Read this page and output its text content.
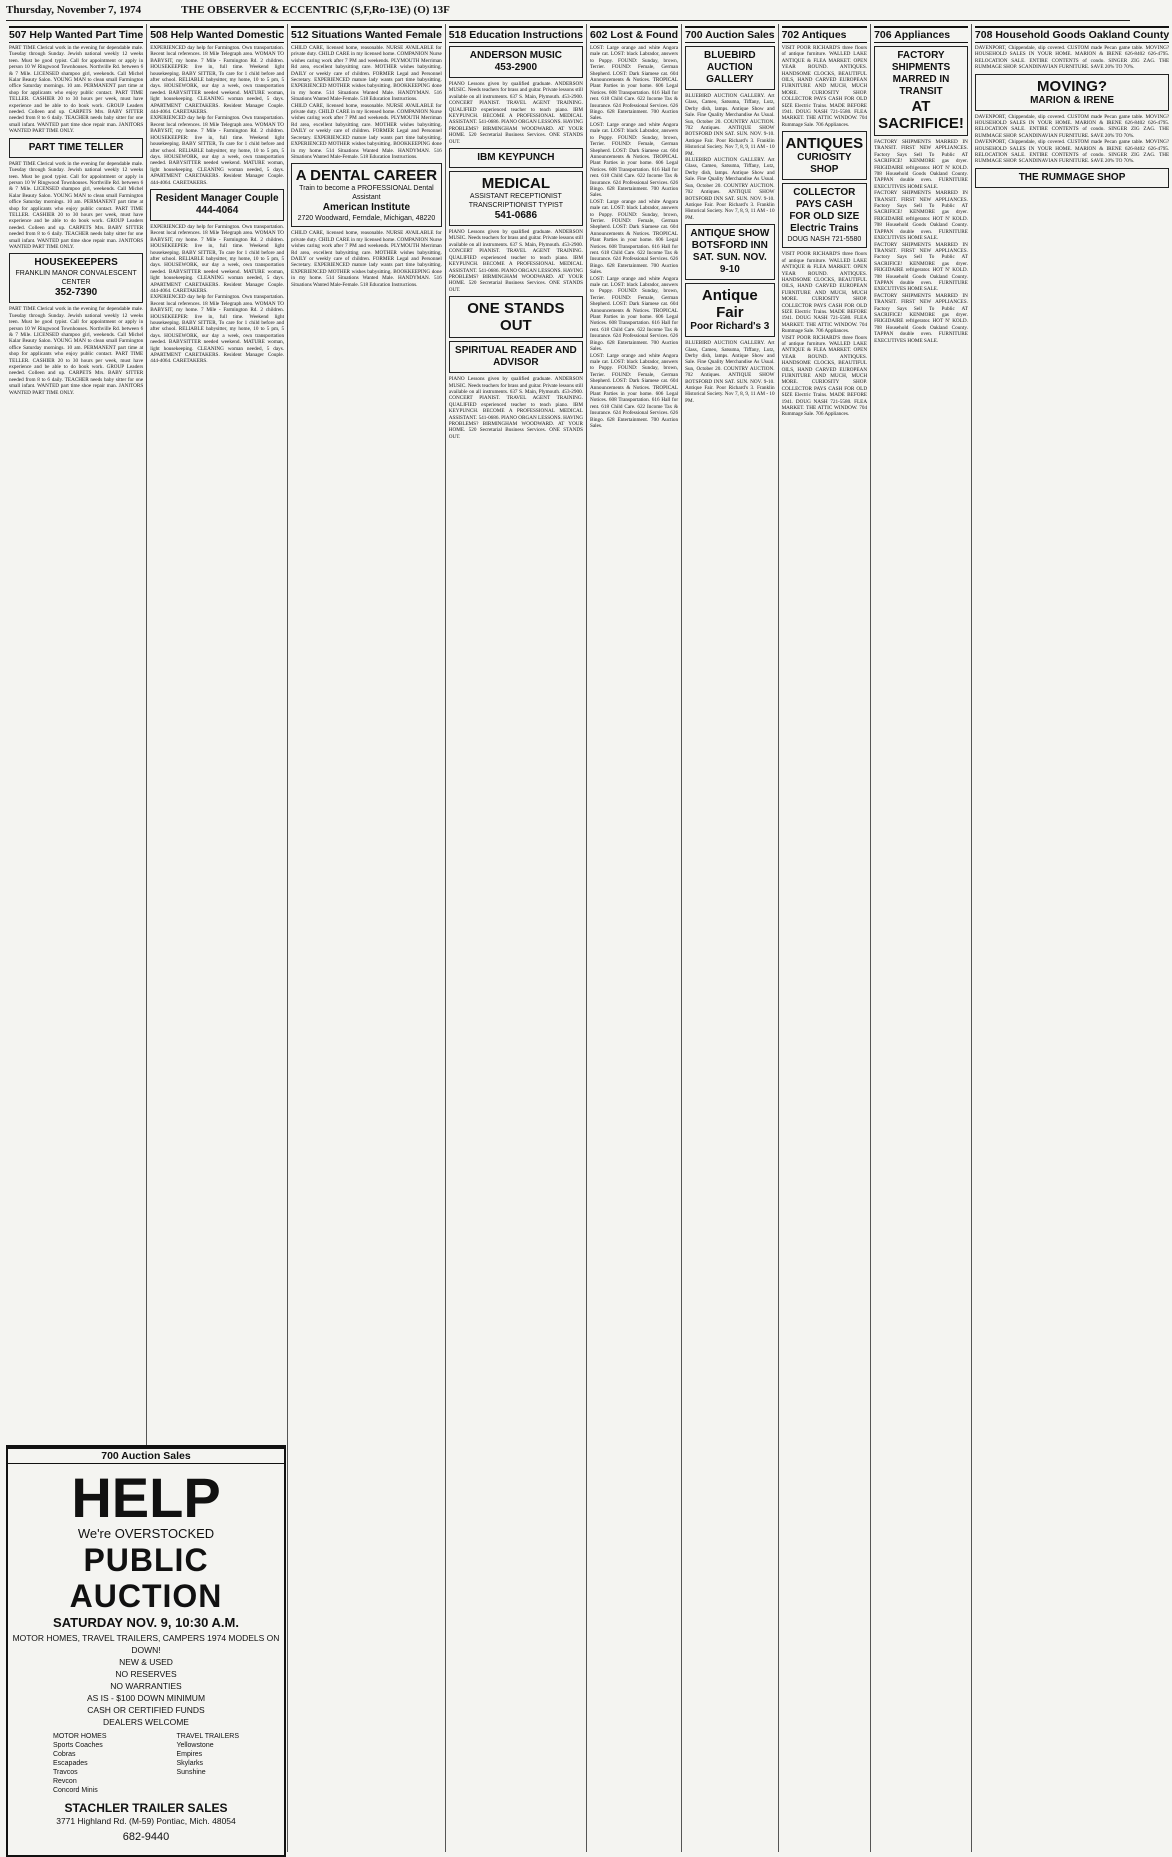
Thursday, November 7, 1974	THE OBSERVER & ECCENTRIC (S,F,Ro-13E) (O) 13F
507 Help Wanted Part Time
PART TIME Clerical work in the evening for dependable male. Tuesday through Sunday. Jewish national weekly 12 weeks teen. Must be good typist. Call for appointment or apply in person 10 W Ringwood Townhouses. Northville Rd. between 6 & 7 Mile. LICENSED shampoo girl, weekends. Call Michel Kalar Beauty Salon. YOUNG MAN to clean small Farmington office Saturday mornings. 10 am. PERMANENT part time at shop for applicants who enjoy public contact. PART TIME TELLER. CASHIER 20 to 30 hours per week, must have experience and be able to do book work. GROUP Leaders needed. Colleen and up. CARPETS Mrs. BABY SITTER needed from 8 to 6 daily. TEACHER needs baby sitter for one small infant. WANTED part time shoe repair man. JANITORS WANTED PART TIME ONLY.
PART TIME TELLER
PART TIME Clerical work in the evening for dependable male. Tuesday through Sunday. Jewish national weekly 12 weeks teen. Must be good typist. Call for appointment or apply in person 10 W Ringwood Townhouses. Northville Rd. between 6 & 7 Mile. LICENSED shampoo girl, weekends. Call Michel Kalar Beauty Salon. YOUNG MAN to clean small Farmington office Saturday mornings. 10 am. PERMANENT part time at shop for applicants who enjoy public contact. PART TIME TELLER. CASHIER 20 to 30 hours per week, must have experience and be able to do book work. GROUP Leaders needed. Colleen and up. CARPETS Mrs. BABY SITTER needed from 8 to 6 daily. TEACHER needs baby sitter for one small infant. WANTED part time shoe repair man. JANITORS WANTED PART TIME ONLY.
HOUSEKEEPERS
FRANKLIN MANOR CONVALESCENT CENTER
352-7390
PART TIME Clerical work in the evening for dependable male. Tuesday through Sunday. Jewish national weekly 12 weeks teen. Must be good typist. Call for appointment or apply in person 10 W Ringwood Townhouses. Northville Rd. between 6 & 7 Mile. LICENSED shampoo girl, weekends. Call Michel Kalar Beauty Salon. YOUNG MAN to clean small Farmington office Saturday mornings. 10 am. PERMANENT part time at shop for applicants who enjoy public contact. PART TIME TELLER. CASHIER 20 to 30 hours per week, must have experience and be able to do book work. GROUP Leaders needed. Colleen and up. CARPETS Mrs. BABY SITTER needed from 8 to 6 daily. TEACHER needs baby sitter for one small infant. WANTED part time shoe repair man. JANITORS WANTED PART TIME ONLY.
508 Help Wanted Domestic
EXPERIENCED day help for Farmington. Own transportation. Recent local references. 18 Mile Telegraph area. WOMAN TO BABYSIT, my home. 7 Mile - Farmington Rd. 2 children. HOUSEKEEPER: live in, full time. Weekend light housekeeping. BABY SITTER, To care for 1 child before and after school. RELIABLE babysitter, my home, 10 to 5 pm, 5 days. HOUSEWORK, our day a week, own transportation needed. BABYSITTER needed weekend. MATURE woman, light housekeeping. CLEANING woman needed, 5 days. APARTMENT CARETAKERS. Resident Manager Couple. 444-4064. CARETAKERS.
EXPERIENCED day help for Farmington. Own transportation. Recent local references. 18 Mile Telegraph area. WOMAN TO BABYSIT, my home. 7 Mile - Farmington Rd. 2 children. HOUSEKEEPER: live in, full time. Weekend light housekeeping. BABY SITTER, To care for 1 child before and after school. RELIABLE babysitter, my home, 10 to 5 pm, 5 days. HOUSEWORK, our day a week, own transportation needed. BABYSITTER needed weekend. MATURE woman, light housekeeping. CLEANING woman needed, 5 days. APARTMENT CARETAKERS. Resident Manager Couple. 444-4064. CARETAKERS.
Resident Manager Couple
444-4064
EXPERIENCED day help for Farmington. Own transportation. Recent local references. 18 Mile Telegraph area. WOMAN TO BABYSIT, my home. 7 Mile - Farmington Rd. 2 children. HOUSEKEEPER: live in, full time. Weekend light housekeeping. BABY SITTER, To care for 1 child before and after school. RELIABLE babysitter, my home, 10 to 5 pm, 5 days. HOUSEWORK, our day a week, own transportation needed. BABYSITTER needed weekend. MATURE woman, light housekeeping. CLEANING woman needed, 5 days. APARTMENT CARETAKERS. Resident Manager Couple. 444-4064. CARETAKERS.
EXPERIENCED day help for Farmington. Own transportation. Recent local references. 18 Mile Telegraph area. WOMAN TO BABYSIT, my home. 7 Mile - Farmington Rd. 2 children. HOUSEKEEPER: live in, full time. Weekend light housekeeping. BABY SITTER, To care for 1 child before and after school. RELIABLE babysitter, my home, 10 to 5 pm, 5 days. HOUSEWORK, our day a week, own transportation needed. BABYSITTER needed weekend. MATURE woman, light housekeeping. CLEANING woman needed, 5 days. APARTMENT CARETAKERS. Resident Manager Couple. 444-4064. CARETAKERS.
512 Situations Wanted Female
CHILD CARE, licensed home, reasonable. NURSE AVAILABLE for private duty. CHILD CARE in my licensed home. COMPANION Nurse wishes caring work after 7 PM and weekends. PLYMOUTH Merriman Rd area, excellent babysitting care. MOTHER wishes babysitting. DAILY or weekly care of children. FORMER Legal and Personnel Secretary. EXPERIENCED mature lady wants part time babysitting. EXPERIENCED MOTHER wishes babysitting. BOOKKEEPING done in my home. 514 Situations Wanted Male. HANDYMAN. 516 Situations Wanted Male-Female. 518 Education Instructions.
CHILD CARE, licensed home, reasonable. NURSE AVAILABLE for private duty. CHILD CARE in my licensed home. COMPANION Nurse wishes caring work after 7 PM and weekends. PLYMOUTH Merriman Rd area, excellent babysitting care. MOTHER wishes babysitting. DAILY or weekly care of children. FORMER Legal and Personnel Secretary. EXPERIENCED mature lady wants part time babysitting. EXPERIENCED MOTHER wishes babysitting. BOOKKEEPING done in my home. 514 Situations Wanted Male. HANDYMAN. 516 Situations Wanted Male-Female. 518 Education Instructions.
A DENTAL CAREER
Train to become a PROFESSIONAL Dental Assistant
American Institute
2720 Woodward, Ferndale, Michigan, 48220
CHILD CARE, licensed home, reasonable. NURSE AVAILABLE for private duty. CHILD CARE in my licensed home. COMPANION Nurse wishes caring work after 7 PM and weekends. PLYMOUTH Merriman Rd area, excellent babysitting care. MOTHER wishes babysitting. DAILY or weekly care of children. FORMER Legal and Personnel Secretary. EXPERIENCED mature lady wants part time babysitting. EXPERIENCED MOTHER wishes babysitting. BOOKKEEPING done in my home. 514 Situations Wanted Male. HANDYMAN. 516 Situations Wanted Male-Female. 518 Education Instructions.
518 Education Instructions
ANDERSON MUSIC
453-2900
PIANO Lessons given by qualified graduate. ANDERSON MUSIC. Needs teachers for brass and guitar. Private lessons still available on all instruments. 637 S. Main, Plymouth. 453-2900. CONCERT PIANIST. TRAVEL AGENT TRAINING. QUALIFIED experienced teacher to teach piano. IBM KEYPUNCH. BECOME A PROFESSIONAL MEDICAL ASSISTANT. 541-0686. PIANO ORGAN LESSONS. HAVING PROBLEMS? BIRMINGHAM WOODWARD. AT YOUR HOME. 520 Secretarial Business Services. ONE STANDS OUT.
IBM KEYPUNCH
MEDICAL
ASSISTANT RECEPTIONIST TRANSCRIPTIONIST TYPIST
541-0686
PIANO Lessons given by qualified graduate. ANDERSON MUSIC. Needs teachers for brass and guitar. Private lessons still available on all instruments. 637 S. Main, Plymouth. 453-2900. CONCERT PIANIST. TRAVEL AGENT TRAINING. QUALIFIED experienced teacher to teach piano. IBM KEYPUNCH. BECOME A PROFESSIONAL MEDICAL ASSISTANT. 541-0686. PIANO ORGAN LESSONS. HAVING PROBLEMS? BIRMINGHAM WOODWARD. AT YOUR HOME. 520 Secretarial Business Services. ONE STANDS OUT.
ONE STANDS OUT
SPIRITUAL READER AND ADVISOR
PIANO Lessons given by qualified graduate. ANDERSON MUSIC. Needs teachers for brass and guitar. Private lessons still available on all instruments. 637 S. Main, Plymouth. 453-2900. CONCERT PIANIST. TRAVEL AGENT TRAINING. QUALIFIED experienced teacher to teach piano. IBM KEYPUNCH. BECOME A PROFESSIONAL MEDICAL ASSISTANT. 541-0686. PIANO ORGAN LESSONS. HAVING PROBLEMS? BIRMINGHAM WOODWARD. AT YOUR HOME. 520 Secretarial Business Services. ONE STANDS OUT.
602 Lost & Found
LOST: Large orange and white Angora male cat. LOST: black Labrador, answers to Puppy. FOUND: Sunday, brown, Terrier. FOUND: Female, German Shepherd. LOST: Dark Siamese cat. 604 Announcements & Notices. TROPICAL Plant Parties in your home. 606 Legal Notices. 608 Transportation. 616 Hall for rent. 618 Child Care. 622 Income Tax & Insurance. 624 Professional Services. 626 Bingo. 628 Entertainment. 700 Auction Sales.
LOST: Large orange and white Angora male cat. LOST: black Labrador, answers to Puppy. FOUND: Sunday, brown, Terrier. FOUND: Female, German Shepherd. LOST: Dark Siamese cat. 604 Announcements & Notices. TROPICAL Plant Parties in your home. 606 Legal Notices. 608 Transportation. 616 Hall for rent. 618 Child Care. 622 Income Tax & Insurance. 624 Professional Services. 626 Bingo. 628 Entertainment. 700 Auction Sales.
LOST: Large orange and white Angora male cat. LOST: black Labrador, answers to Puppy. FOUND: Sunday, brown, Terrier. FOUND: Female, German Shepherd. LOST: Dark Siamese cat. 604 Announcements & Notices. TROPICAL Plant Parties in your home. 606 Legal Notices. 608 Transportation. 616 Hall for rent. 618 Child Care. 622 Income Tax & Insurance. 624 Professional Services. 626 Bingo. 628 Entertainment. 700 Auction Sales.
LOST: Large orange and white Angora male cat. LOST: black Labrador, answers to Puppy. FOUND: Sunday, brown, Terrier. FOUND: Female, German Shepherd. LOST: Dark Siamese cat. 604 Announcements & Notices. TROPICAL Plant Parties in your home. 606 Legal Notices. 608 Transportation. 616 Hall for rent. 618 Child Care. 622 Income Tax & Insurance. 624 Professional Services. 626 Bingo. 628 Entertainment. 700 Auction Sales.
LOST: Large orange and white Angora male cat. LOST: black Labrador, answers to Puppy. FOUND: Sunday, brown, Terrier. FOUND: Female, German Shepherd. LOST: Dark Siamese cat. 604 Announcements & Notices. TROPICAL Plant Parties in your home. 606 Legal Notices. 608 Transportation. 616 Hall for rent. 618 Child Care. 622 Income Tax & Insurance. 624 Professional Services. 626 Bingo. 628 Entertainment. 700 Auction Sales.
700 Auction Sales
BLUEBIRD AUCTION GALLERY
BLUEBIRD AUCTION GALLERY. Art Glass, Cameo, Satsuma, Tiffany, Lutz, Derby dish, lamps. Antique Show and Sale. Fine Quality Merchandise As Usual. Sun, October 20. COUNTRY AUCTION. 702 Antiques. ANTIQUE SHOW BOTSFORD INN SAT. SUN. NOV. 9-10. Antique Fair. Poor Richard's 3. Franklin Historical Society. Nov 7, 8, 9, 11 AM - 10 PM.
BLUEBIRD AUCTION GALLERY. Art Glass, Cameo, Satsuma, Tiffany, Lutz, Derby dish, lamps. Antique Show and Sale. Fine Quality Merchandise As Usual. Sun, October 20. COUNTRY AUCTION. 702 Antiques. ANTIQUE SHOW BOTSFORD INN SAT. SUN. NOV. 9-10. Antique Fair. Poor Richard's 3. Franklin Historical Society. Nov 7, 8, 9, 11 AM - 10 PM.
ANTIQUE SHOW BOTSFORD INN
SAT. SUN. NOV. 9-10
Antique Fair
Poor Richard's 3
BLUEBIRD AUCTION GALLERY. Art Glass, Cameo, Satsuma, Tiffany, Lutz, Derby dish, lamps. Antique Show and Sale. Fine Quality Merchandise As Usual. Sun, October 20. COUNTRY AUCTION. 702 Antiques. ANTIQUE SHOW BOTSFORD INN SAT. SUN. NOV. 9-10. Antique Fair. Poor Richard's 3. Franklin Historical Society. Nov 7, 8, 9, 11 AM - 10 PM.
702 Antiques
VISIT POOR RICHARD'S three floors of antique furniture. WALLED LAKE ANTIQUE & FLEA MARKET. OPEN YEAR ROUND. ANTIQUES. HANDSOME CLOCKS, BEAUTIFUL OILS, HAND CARVED EUROPEAN FURNITURE AND MUCH, MUCH MORE. CURIOSITY SHOP. COLLECTOR PAYS CASH FOR OLD SIZE Electric Trains. MADE BEFORE 1941. DOUG NASH 721-5580. FLEA MARKET. THE ATTIC WINDOW. 704 Rummage Sale. 706 Appliances.
ANTIQUES
CURIOSITY SHOP
COLLECTOR PAYS CASH FOR OLD SIZE Electric Trains
DOUG NASH 721-5580
VISIT POOR RICHARD'S three floors of antique furniture. WALLED LAKE ANTIQUE & FLEA MARKET. OPEN YEAR ROUND. ANTIQUES. HANDSOME CLOCKS, BEAUTIFUL OILS, HAND CARVED EUROPEAN FURNITURE AND MUCH, MUCH MORE. CURIOSITY SHOP. COLLECTOR PAYS CASH FOR OLD SIZE Electric Trains. MADE BEFORE 1941. DOUG NASH 721-5580. FLEA MARKET. THE ATTIC WINDOW. 704 Rummage Sale. 706 Appliances.
VISIT POOR RICHARD'S three floors of antique furniture. WALLED LAKE ANTIQUE & FLEA MARKET. OPEN YEAR ROUND. ANTIQUES. HANDSOME CLOCKS, BEAUTIFUL OILS, HAND CARVED EUROPEAN FURNITURE AND MUCH, MUCH MORE. CURIOSITY SHOP. COLLECTOR PAYS CASH FOR OLD SIZE Electric Trains. MADE BEFORE 1941. DOUG NASH 721-5580. FLEA MARKET. THE ATTIC WINDOW. 704 Rummage Sale. 706 Appliances.
706 Appliances
FACTORY SHIPMENTS MARRED IN TRANSIT
AT SACRIFICE!
FACTORY SHIPMENTS MARRED IN TRANSIT. FIRST NEW APPLIANCES. Factory Says Sell To Public AT SACRIFICE! KENMORE gas dryer. FRIGIDAIRE refrigerator. HOT N' KOLD. 708 Household Goods Oakland County. TAPPAN double oven. FURNITURE EXECUTIVES HOME SALE.
FACTORY SHIPMENTS MARRED IN TRANSIT. FIRST NEW APPLIANCES. Factory Says Sell To Public AT SACRIFICE! KENMORE gas dryer. FRIGIDAIRE refrigerator. HOT N' KOLD. 708 Household Goods Oakland County. TAPPAN double oven. FURNITURE EXECUTIVES HOME SALE.
FACTORY SHIPMENTS MARRED IN TRANSIT. FIRST NEW APPLIANCES. Factory Says Sell To Public AT SACRIFICE! KENMORE gas dryer. FRIGIDAIRE refrigerator. HOT N' KOLD. 708 Household Goods Oakland County. TAPPAN double oven. FURNITURE EXECUTIVES HOME SALE.
FACTORY SHIPMENTS MARRED IN TRANSIT. FIRST NEW APPLIANCES. Factory Says Sell To Public AT SACRIFICE! KENMORE gas dryer. FRIGIDAIRE refrigerator. HOT N' KOLD. 708 Household Goods Oakland County. TAPPAN double oven. FURNITURE EXECUTIVES HOME SALE.
708 Household Goods Oakland County
DAVENPORT, Chippendale, slip covered. CUSTOM made Pecan game table. MOVING? HOUSEHOLD SALES IN YOUR HOME. MARION & IRENE 626-8402 626-4795. RELOCATION SALE. ENTIRE CONTENTS of condo. SINGER ZIG ZAG. THE RUMMAGE SHOP. SCANDINAVIAN FURNITURE. SAVE 20% TO 70%.
MOVING?
MARION & IRENE
DAVENPORT, Chippendale, slip covered. CUSTOM made Pecan game table. MOVING? HOUSEHOLD SALES IN YOUR HOME. MARION & IRENE 626-8402 626-4795. RELOCATION SALE. ENTIRE CONTENTS of condo. SINGER ZIG ZAG. THE RUMMAGE SHOP. SCANDINAVIAN FURNITURE. SAVE 20% TO 70%.
DAVENPORT, Chippendale, slip covered. CUSTOM made Pecan game table. MOVING? HOUSEHOLD SALES IN YOUR HOME. MARION & IRENE 626-8402 626-4795. RELOCATION SALE. ENTIRE CONTENTS of condo. SINGER ZIG ZAG. THE RUMMAGE SHOP. SCANDINAVIAN FURNITURE. SAVE 20% TO 70%.
THE RUMMAGE SHOP
700 Auction Sales
HELP
We're OVERSTOCKED
PUBLIC AUCTION
SATURDAY NOV. 9, 10:30 A.M.
MOTOR HOMES, TRAVEL TRAILERS, CAMPERS 1974 MODELS ON DOWN!
NEW & USED
NO RESERVES
NO WARRANTIES
AS IS - $100 DOWN MINIMUM
CASH OR CERTIFIED FUNDS
DEALERS WELCOME
MOTOR HOMES
Sports Coaches
Cobras
Escapades
Travcos
Revcon
Concord Minis
TRAVEL TRAILERS
Yellowstone
Empires
Skylarks
Sunshine
STACHLER TRAILER SALES
3771 Highland Rd. (M-59) Pontiac, Mich. 48054
682-9440
